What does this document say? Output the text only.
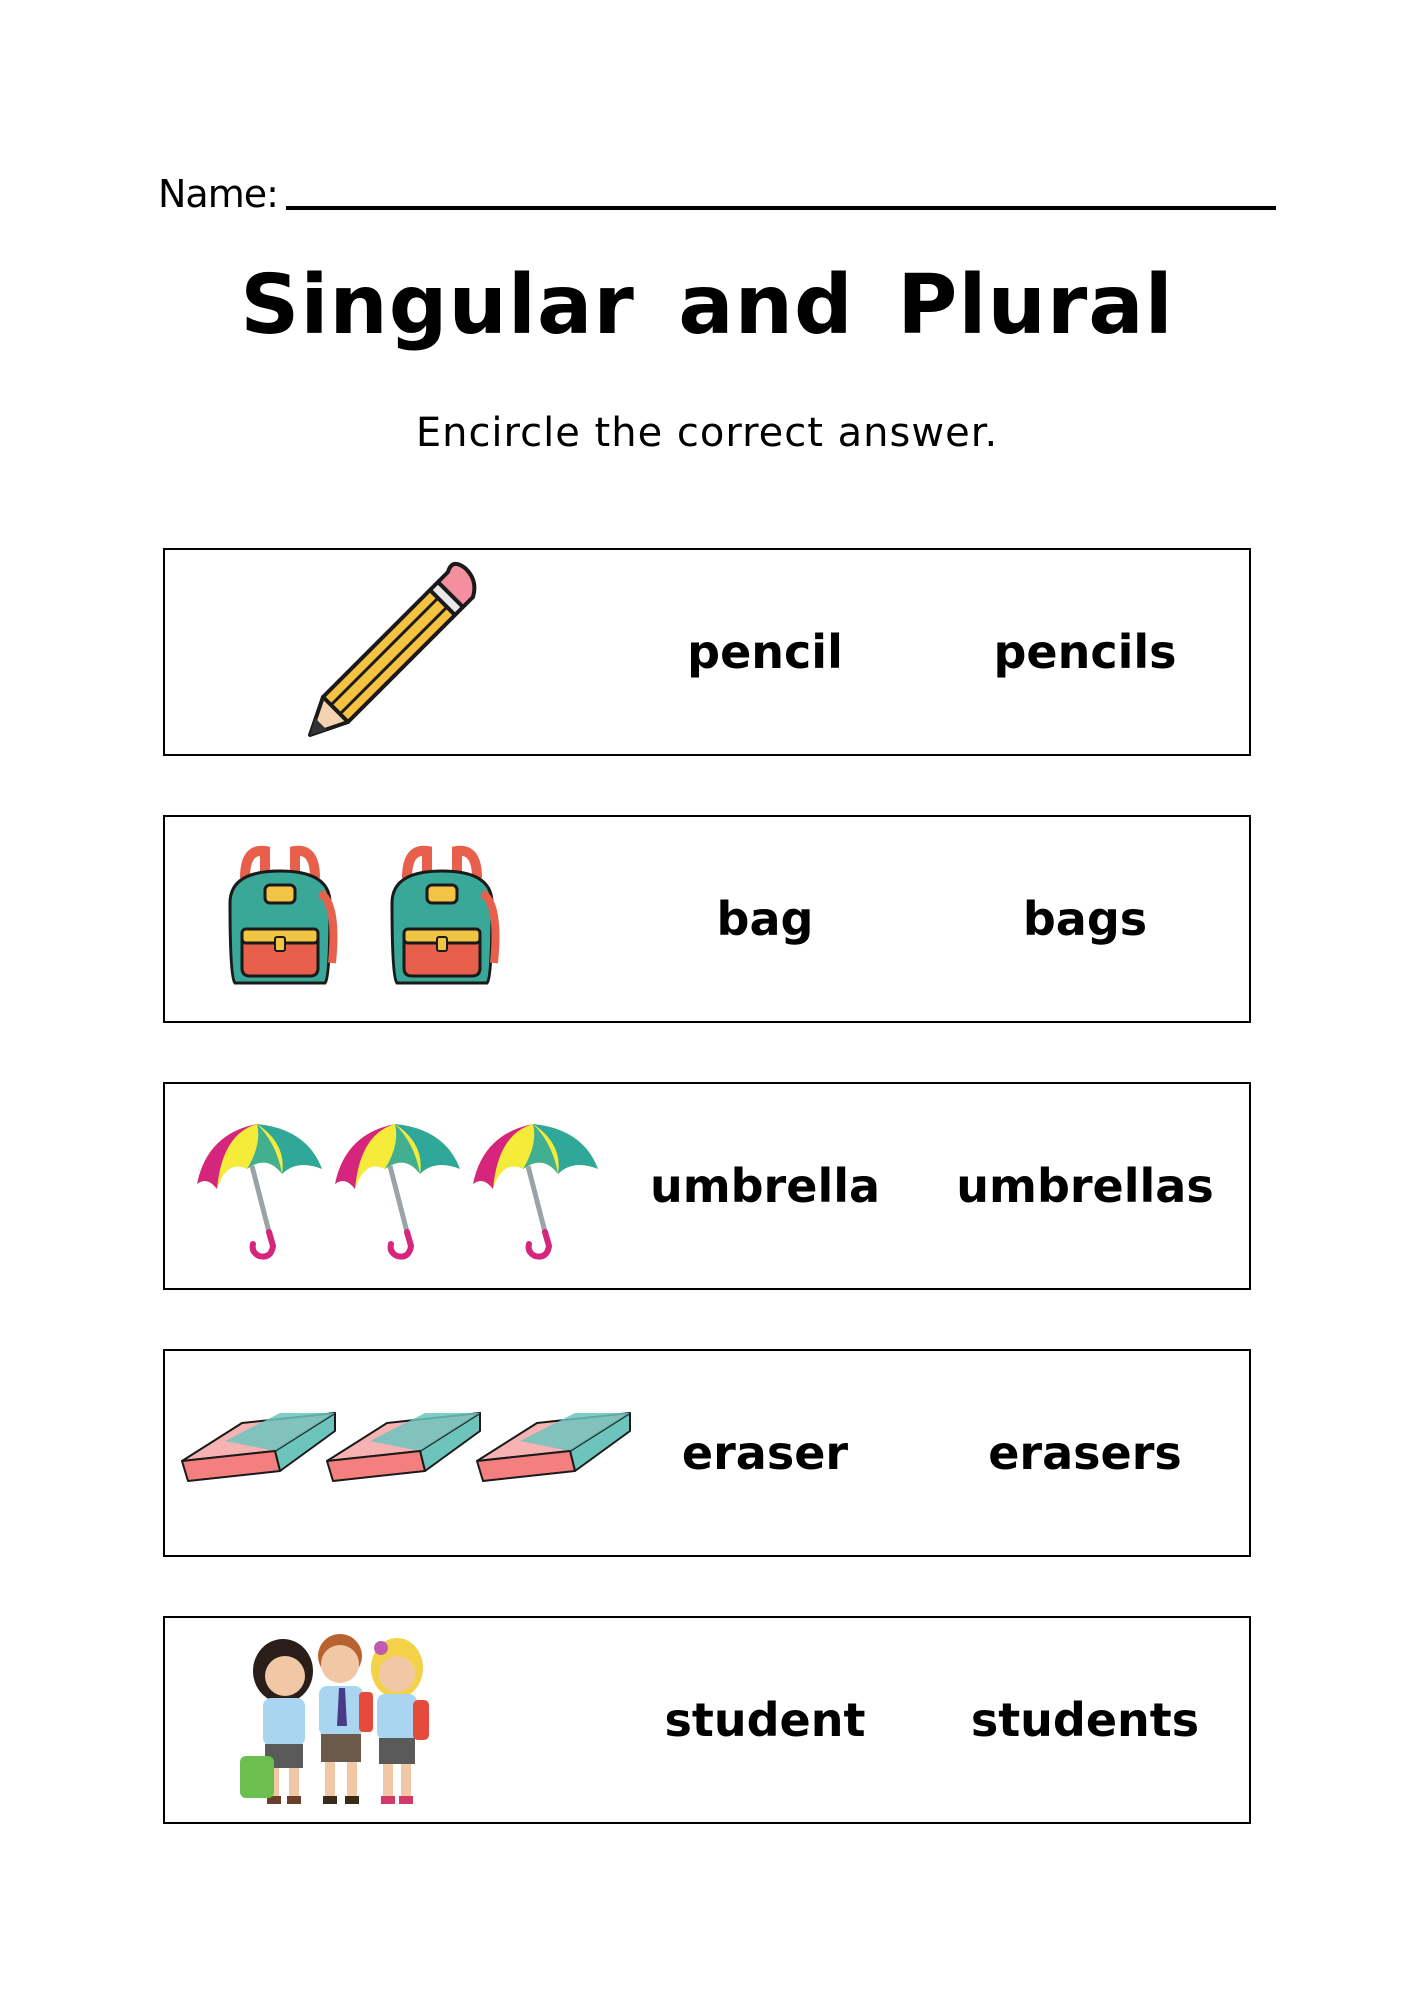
Name:
Singular and Plural
Encircle the correct answer.
pencil	pencils
bag	bags
umbrella	umbrellas
eraser	erasers
student	students
